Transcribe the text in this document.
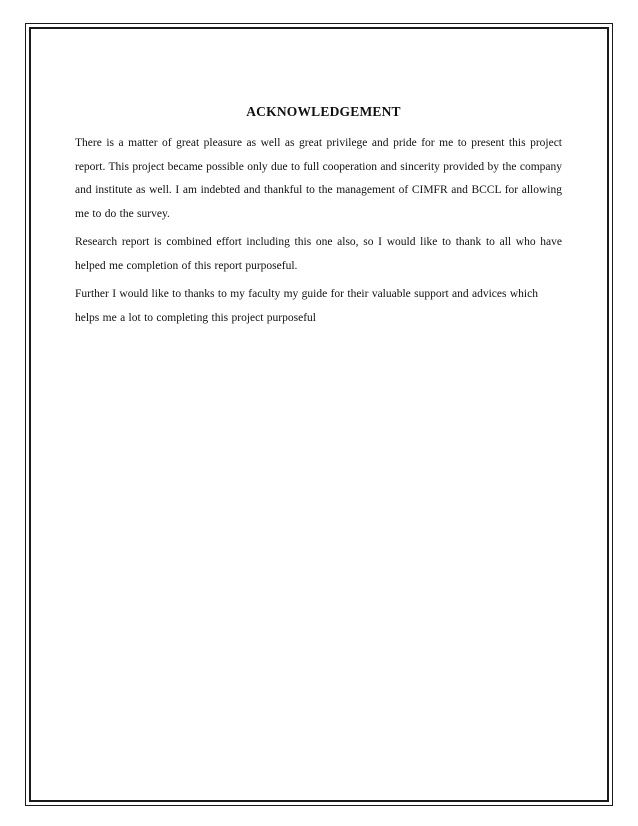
ACKNOWLEDGEMENT

There is a matter of great pleasure as well as great privilege and pride for me to present this project report. This project became possible only due to full cooperation and sincerity provided by the company and institute as well. I am indebted and thankful to the management of CIMFR and BCCL for allowing me to do the survey.

Research report is combined effort including this one also, so I would like to thank to all who have helped me completion of this report purposeful.

Further I would like to thanks to my faculty my guide for their valuable support and advices which helps me a lot to completing this project purposeful
